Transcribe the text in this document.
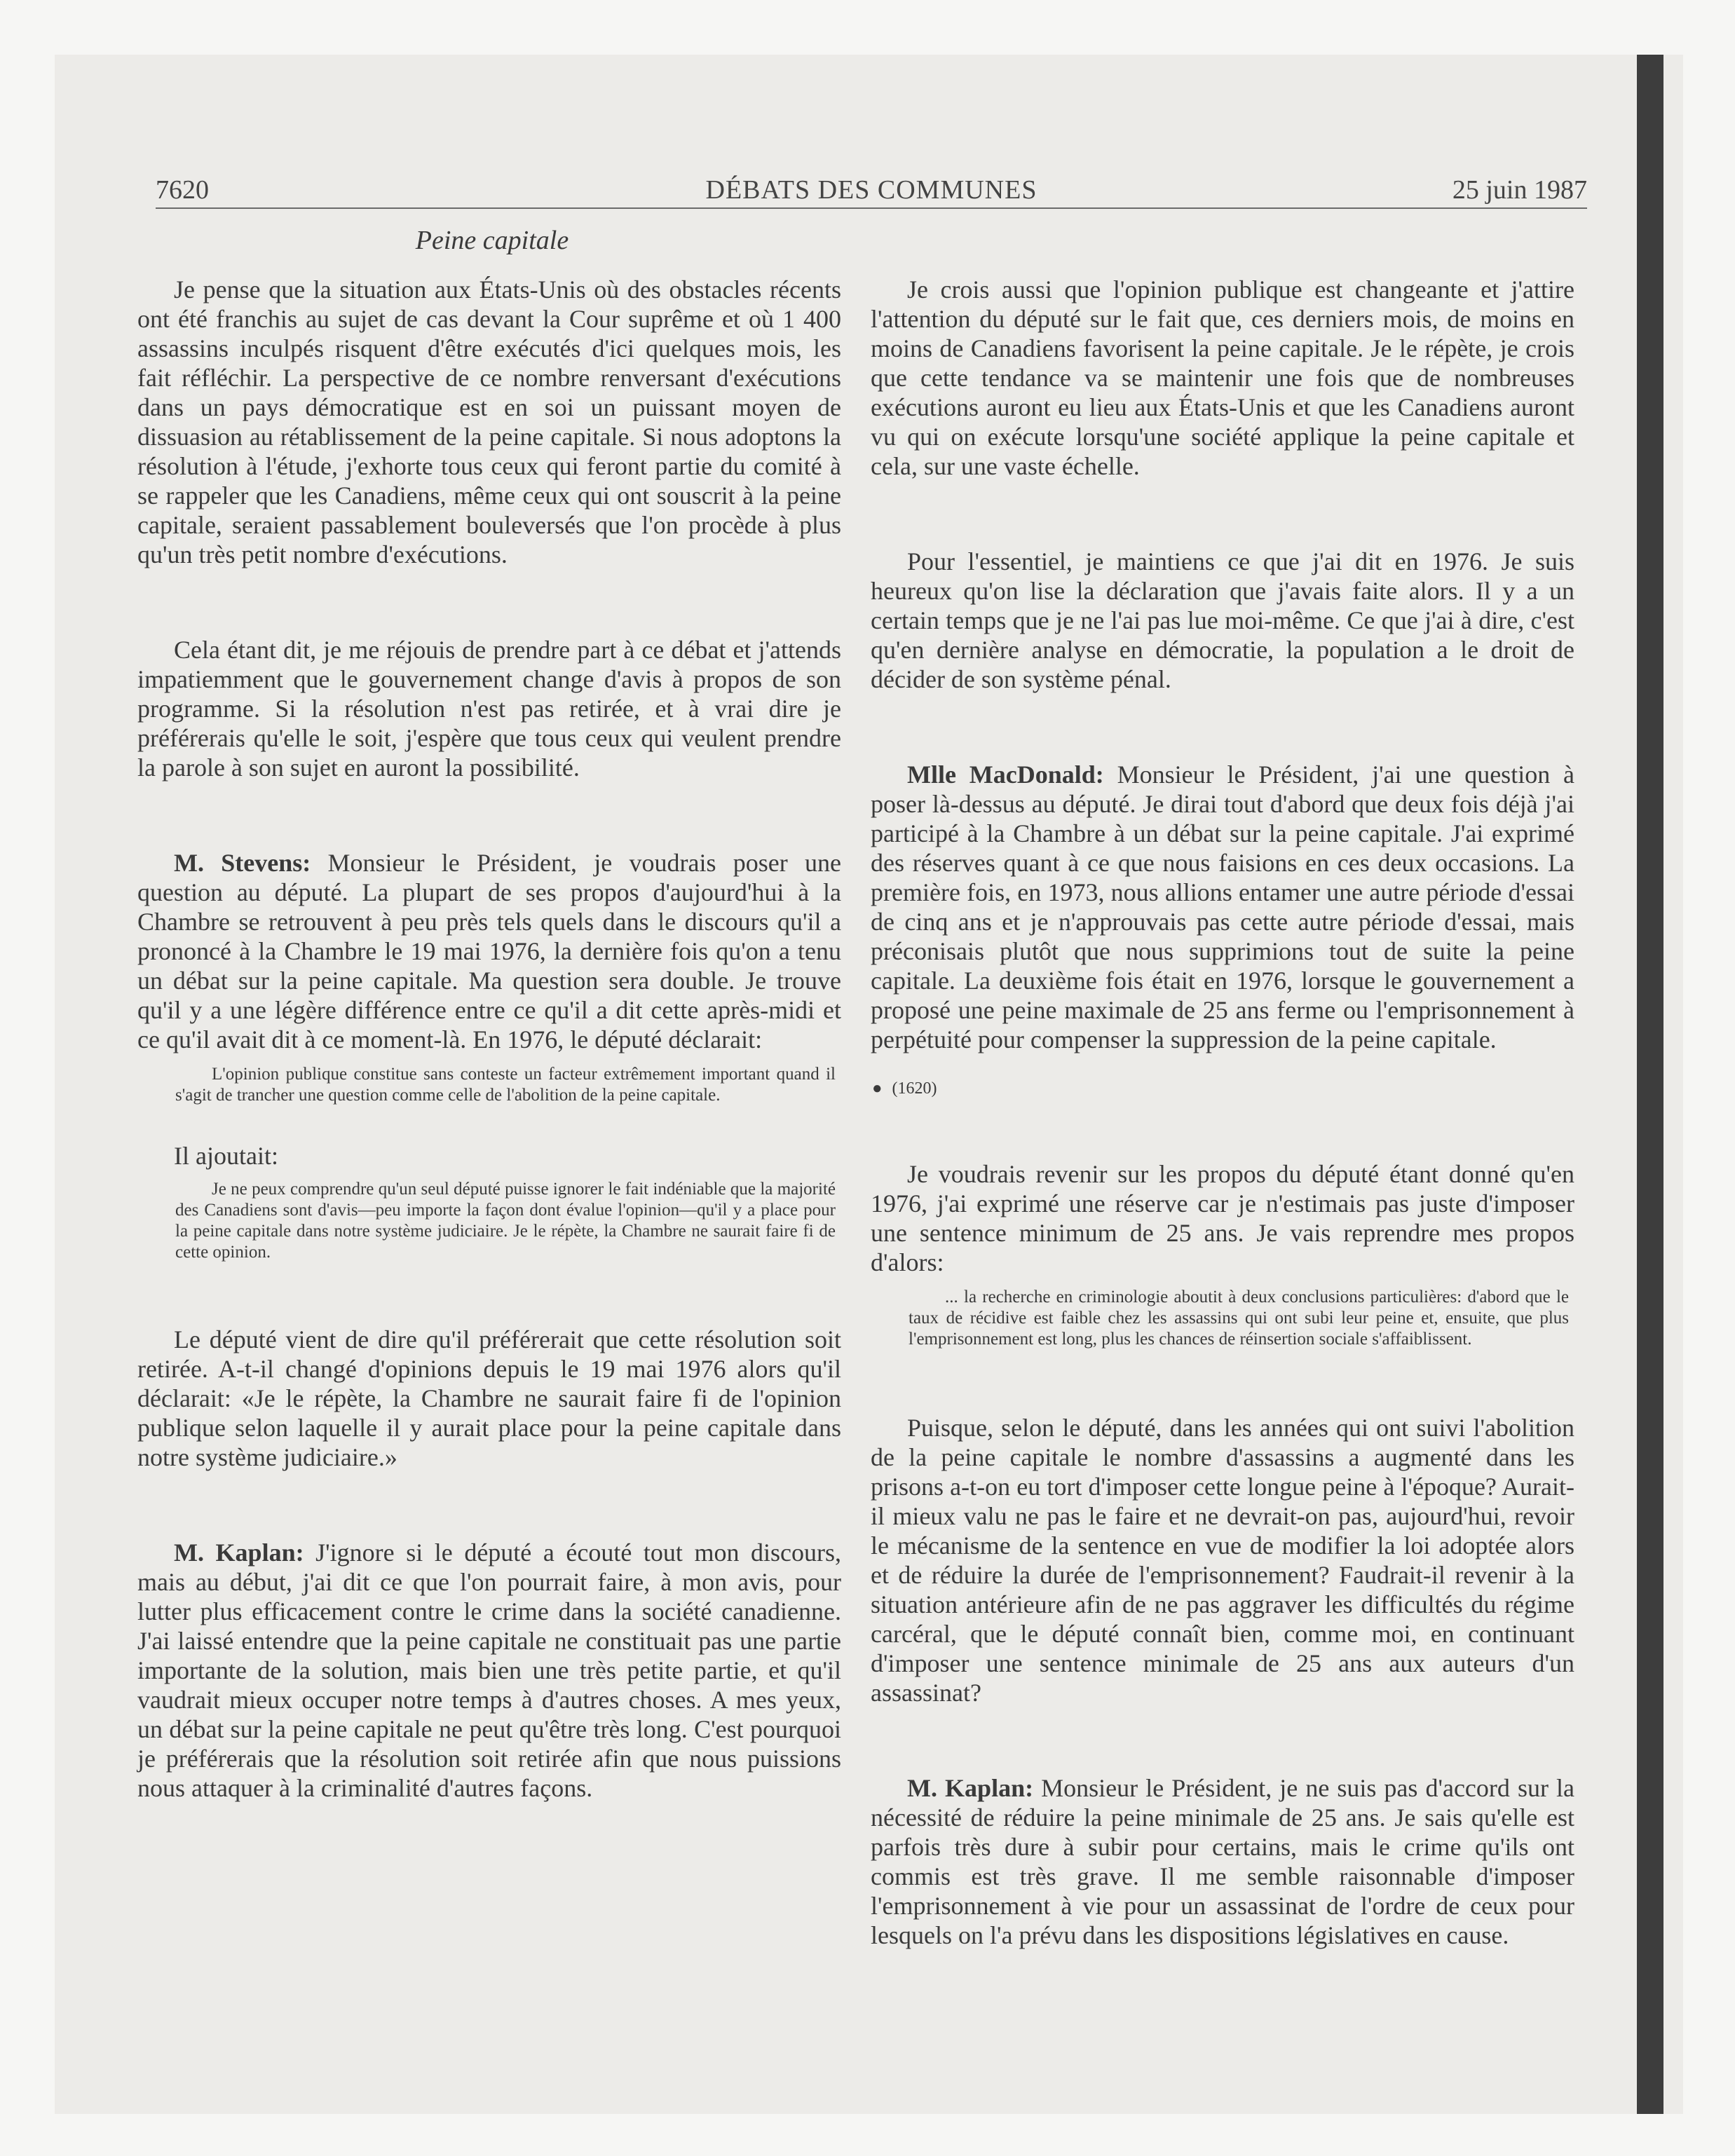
7620	DÉBATS DES COMMUNES	25 juin 1987
Peine capitale

Je pense que la situation aux États-Unis où des obstacles récents ont été franchis au sujet de cas devant la Cour suprême et où 1 400 assassins inculpés risquent d'être exécutés d'ici quelques mois, les fait réfléchir. La perspective de ce nombre renversant d'exécutions dans un pays démocratique est en soi un puissant moyen de dissuasion au rétablissement de la peine capitale. Si nous adoptons la résolution à l'étude, j'exhorte tous ceux qui feront partie du comité à se rappeler que les Canadiens, même ceux qui ont souscrit à la peine capitale, seraient passablement bouleversés que l'on procède à plus qu'un très petit nombre d'exécutions.

Cela étant dit, je me réjouis de prendre part à ce débat et j'attends impatiemment que le gouvernement change d'avis à propos de son programme. Si la résolution n'est pas retirée, et à vrai dire je préférerais qu'elle le soit, j'espère que tous ceux qui veulent prendre la parole à son sujet en auront la possibilité.

M. Stevens: Monsieur le Président, je voudrais poser une question au député. La plupart de ses propos d'aujourd'hui à la Chambre se retrouvent à peu près tels quels dans le discours qu'il a prononcé à la Chambre le 19 mai 1976, la dernière fois qu'on a tenu un débat sur la peine capitale. Ma question sera double. Je trouve qu'il y a une légère différence entre ce qu'il a dit cette après-midi et ce qu'il avait dit à ce moment-là. En 1976, le député déclarait:

L'opinion publique constitue sans conteste un facteur extrêmement important quand il s'agit de trancher une question comme celle de l'abolition de la peine capitale.

Il ajoutait:

Je ne peux comprendre qu'un seul député puisse ignorer le fait indéniable que la majorité des Canadiens sont d'avis—peu importe la façon dont évalue l'opinion—qu'il y a place pour la peine capitale dans notre système judiciaire. Je le répète, la Chambre ne saurait faire fi de cette opinion.

Le député vient de dire qu'il préférerait que cette résolution soit retirée. A-t-il changé d'opinions depuis le 19 mai 1976 alors qu'il déclarait: «Je le répète, la Chambre ne saurait faire fi de l'opinion publique selon laquelle il y aurait place pour la peine capitale dans notre système judiciaire.»

M. Kaplan: J'ignore si le député a écouté tout mon discours, mais au début, j'ai dit ce que l'on pourrait faire, à mon avis, pour lutter plus efficacement contre le crime dans la société canadienne. J'ai laissé entendre que la peine capitale ne constituait pas une partie importante de la solution, mais bien une très petite partie, et qu'il vaudrait mieux occuper notre temps à d'autres choses. A mes yeux, un débat sur la peine capitale ne peut qu'être très long. C'est pourquoi je préférerais que la résolution soit retirée afin que nous puissions nous attaquer à la criminalité d'autres façons.

Je crois aussi que l'opinion publique est changeante et j'attire l'attention du député sur le fait que, ces derniers mois, de moins en moins de Canadiens favorisent la peine capitale. Je le répète, je crois que cette tendance va se maintenir une fois que de nombreuses exécutions auront eu lieu aux États-Unis et que les Canadiens auront vu qui on exécute lorsqu'une société applique la peine capitale et cela, sur une vaste échelle.

Pour l'essentiel, je maintiens ce que j'ai dit en 1976. Je suis heureux qu'on lise la déclaration que j'avais faite alors. Il y a un certain temps que je ne l'ai pas lue moi-même. Ce que j'ai à dire, c'est qu'en dernière analyse en démocratie, la population a le droit de décider de son système pénal.

Mlle MacDonald: Monsieur le Président, j'ai une question à poser là-dessus au député. Je dirai tout d'abord que deux fois déjà j'ai participé à la Chambre à un débat sur la peine capitale. J'ai exprimé des réserves quant à ce que nous faisions en ces deux occasions. La première fois, en 1973, nous allions entamer une autre période d'essai de cinq ans et je n'approuvais pas cette autre période d'essai, mais préconisais plutôt que nous supprimions tout de suite la peine capitale. La deuxième fois était en 1976, lorsque le gouvernement a proposé une peine maximale de 25 ans ferme ou l'emprisonnement à perpétuité pour compenser la suppression de la peine capitale.

● (1620)

Je voudrais revenir sur les propos du député étant donné qu'en 1976, j'ai exprimé une réserve car je n'estimais pas juste d'imposer une sentence minimum de 25 ans. Je vais reprendre mes propos d'alors:

... la recherche en criminologie aboutit à deux conclusions particulières: d'abord que le taux de récidive est faible chez les assassins qui ont subi leur peine et, ensuite, que plus l'emprisonnement est long, plus les chances de réinsertion sociale s'affaiblissent.

Puisque, selon le député, dans les années qui ont suivi l'abolition de la peine capitale le nombre d'assassins a augmenté dans les prisons a-t-on eu tort d'imposer cette longue peine à l'époque? Aurait-il mieux valu ne pas le faire et ne devrait-on pas, aujourd'hui, revoir le mécanisme de la sentence en vue de modifier la loi adoptée alors et de réduire la durée de l'emprisonnement? Faudrait-il revenir à la situation antérieure afin de ne pas aggraver les difficultés du régime carcéral, que le député connaît bien, comme moi, en continuant d'imposer une sentence minimale de 25 ans aux auteurs d'un assassinat?

M. Kaplan: Monsieur le Président, je ne suis pas d'accord sur la nécessité de réduire la peine minimale de 25 ans. Je sais qu'elle est parfois très dure à subir pour certains, mais le crime qu'ils ont commis est très grave. Il me semble raisonnable d'imposer l'emprisonnement à vie pour un assassinat de l'ordre de ceux pour lesquels on l'a prévu dans les dispositions législatives en cause.
